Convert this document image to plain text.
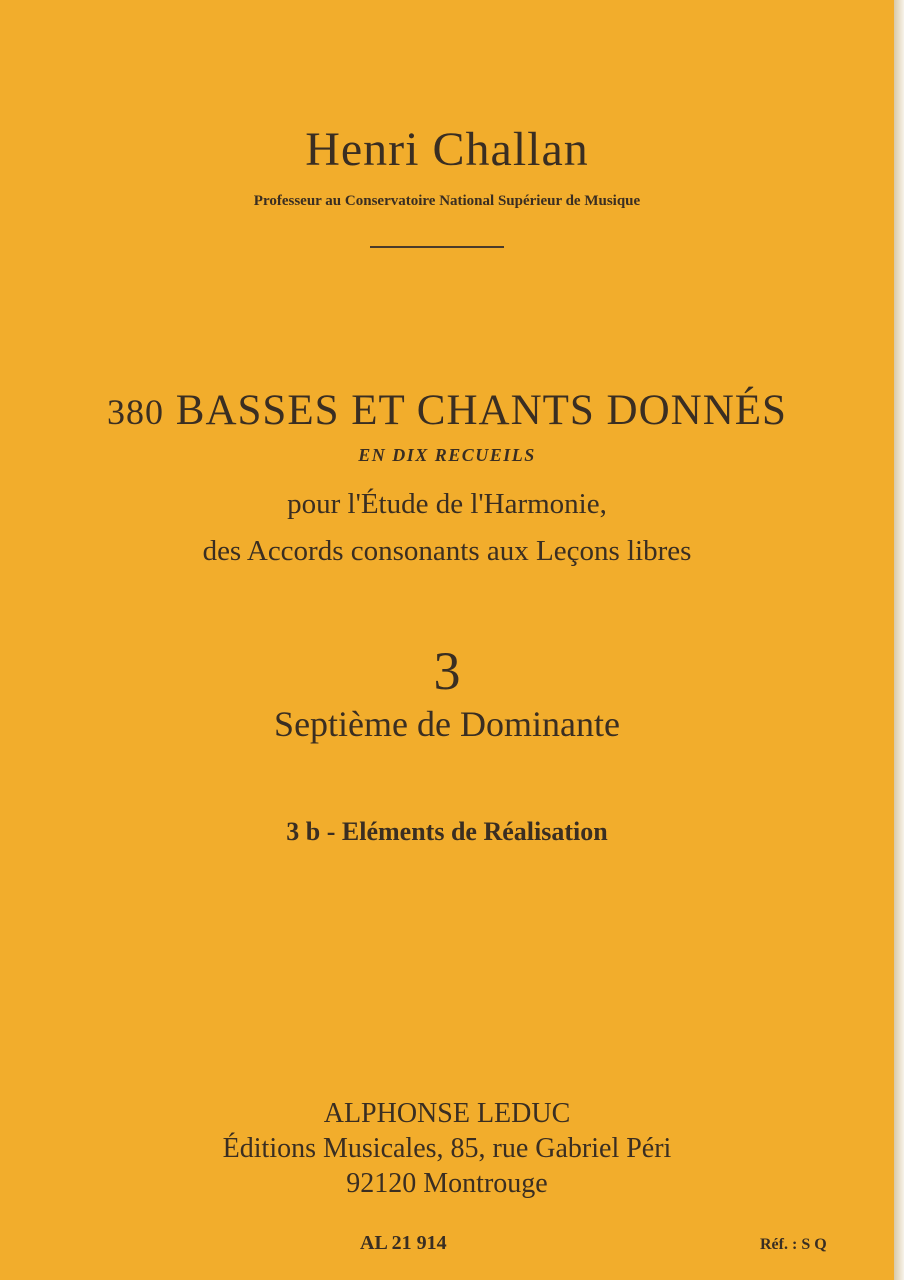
Henri Challan
Professeur au Conservatoire National Supérieur de Musique
380 BASSES ET CHANTS DONNÉS
EN DIX RECUEILS
pour l'Étude de l'Harmonie,
des Accords consonants aux Leçons libres
3
Septième de Dominante
3 b - Eléments de Réalisation
ALPHONSE LEDUC
Éditions Musicales, 85, rue Gabriel Péri
92120 Montrouge
AL 21 914	Réf. : S Q
